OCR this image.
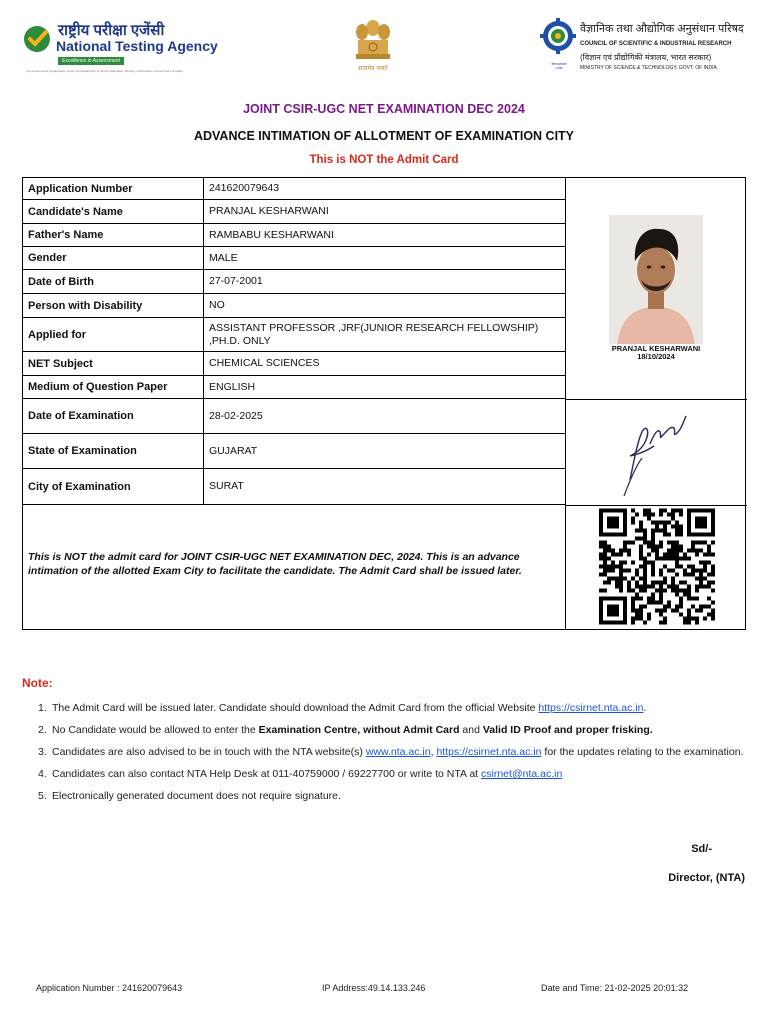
राष्ट्रीय परीक्षा एजेंसी
National Testing Agency
Excellence in Assessment
(An Autonomous Organization under the Department of Higher Education, Ministry of Education, Government of India)	सत्यमेव जयते
सीएसआईआर
CSIR
वैज्ञानिक तथा औद्योगिक अनुसंधान परिषद
COUNCIL OF SCIENTIFIC & INDUSTRIAL RESEARCH
(विज्ञान एवं प्रौद्योगिकी मंत्रालय, भारत सरकार)
MINISTRY OF SCIENCE & TECHNOLOGY, GOVT. OF INDIA
JOINT CSIR-UGC NET EXAMINATION DEC 2024
ADVANCE INTIMATION OF ALLOTMENT OF EXAMINATION CITY
This is NOT the Admit Card
Application Number	241620079643
Candidate's Name	PRANJAL KESHARWANI
Father's Name	RAMBABU KESHARWANI
Gender	MALE
Date of Birth	27-07-2001
Person with Disability	NO
Applied for
ASSISTANT PROFESSOR ,JRF(JUNIOR RESEARCH FELLOWSHIP) ,PH.D. ONLY
NET Subject	CHEMICAL SCIENCES
Medium of Question Paper	ENGLISH
Date of Examination	28-02-2025
State of Examination	GUJARAT
City of Examination	SURAT
PRANJAL KESHARWANI
18/10/2024
This is NOT the admit card for JOINT CSIR-UGC NET EXAMINATION DEC, 2024. This is an advance intimation of the allotted Exam City to facilitate the candidate. The Admit Card shall be issued later.
Note:
1. The Admit Card will be issued later. Candidate should download the Admit Card from the official Website https://csirnet.nta.ac.in.
2. No Candidate would be allowed to enter the Examination Centre, without Admit Card and Valid ID Proof and proper frisking.
3. Candidates are also advised to be in touch with the NTA website(s) www.nta.ac.in, https://csirnet.nta.ac.in for the updates relating to the examination.
4. Candidates can also contact NTA Help Desk at 011-40759000 / 69227700 or write to NTA at csirnet@nta.ac.in
5. Electronically generated document does not require signature.
Sd/-
Director, (NTA)
Application Number : 241620079643	IP Address:49.14.133.246	Date and Time: 21-02-2025 20:01:32
